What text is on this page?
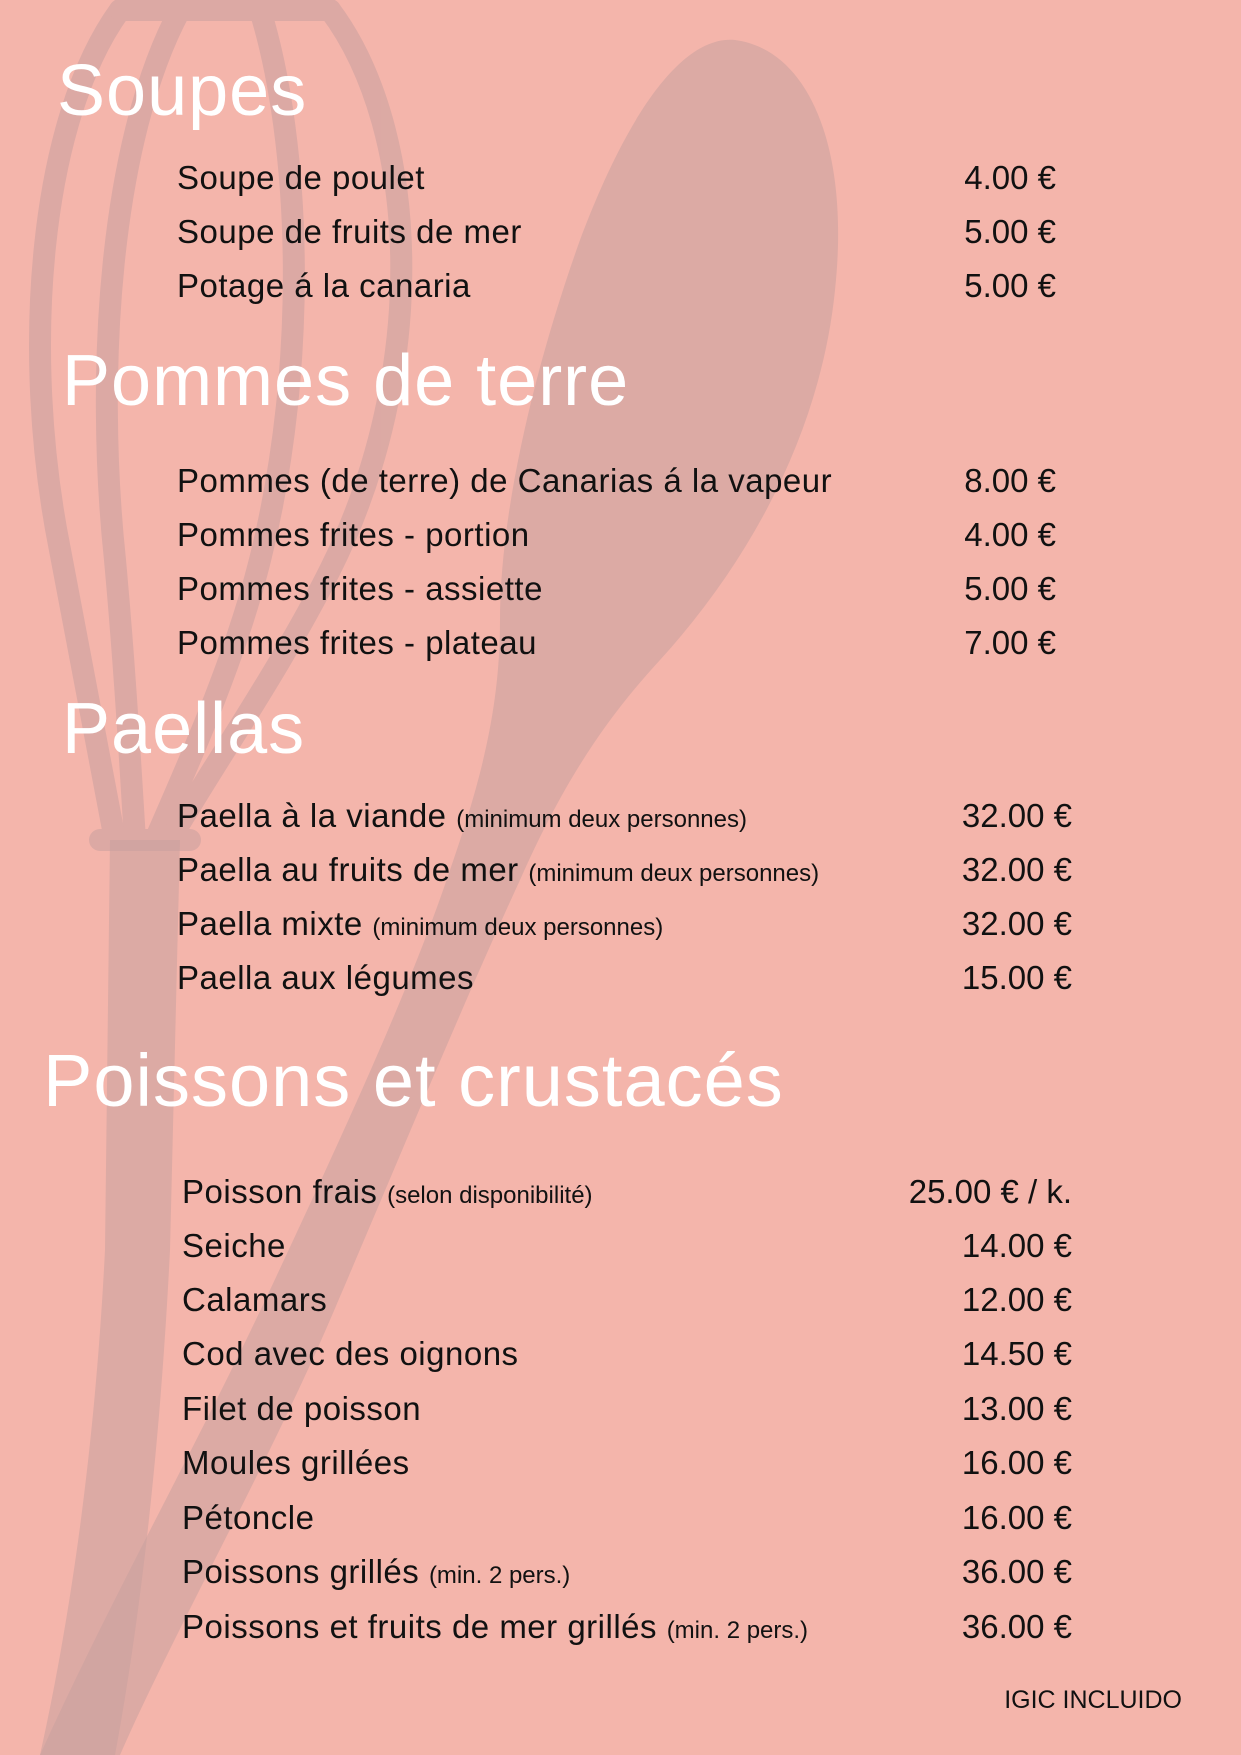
Soupes
Soupe de poulet	4.00 €
Soupe de fruits de mer	5.00 €
Potage á la canaria	5.00 €
Pommes de terre
Pommes (de terre) de Canarias á la vapeur	8.00 €
Pommes frites - portion	4.00 €
Pommes frites - assiette	5.00 €
Pommes frites - plateau	7.00 €
Paellas
Paella à la viande (minimum deux personnes)	32.00 €
Paella au fruits de mer (minimum deux personnes)	32.00 €
Paella mixte (minimum deux personnes)	32.00 €
Paella aux légumes	15.00 €
Poissons et crustacés
Poisson frais (selon disponibilité)	25.00 € / k.
Seiche	14.00 €
Calamars	12.00 €
Cod avec des oignons	14.50 €
Filet de poisson	13.00 €
Moules grillées	16.00 €
Pétoncle	16.00 €
Poissons grillés (min. 2 pers.)	36.00 €
Poissons et fruits de mer grillés (min. 2 pers.)	36.00 €
IGIC INCLUIDO
